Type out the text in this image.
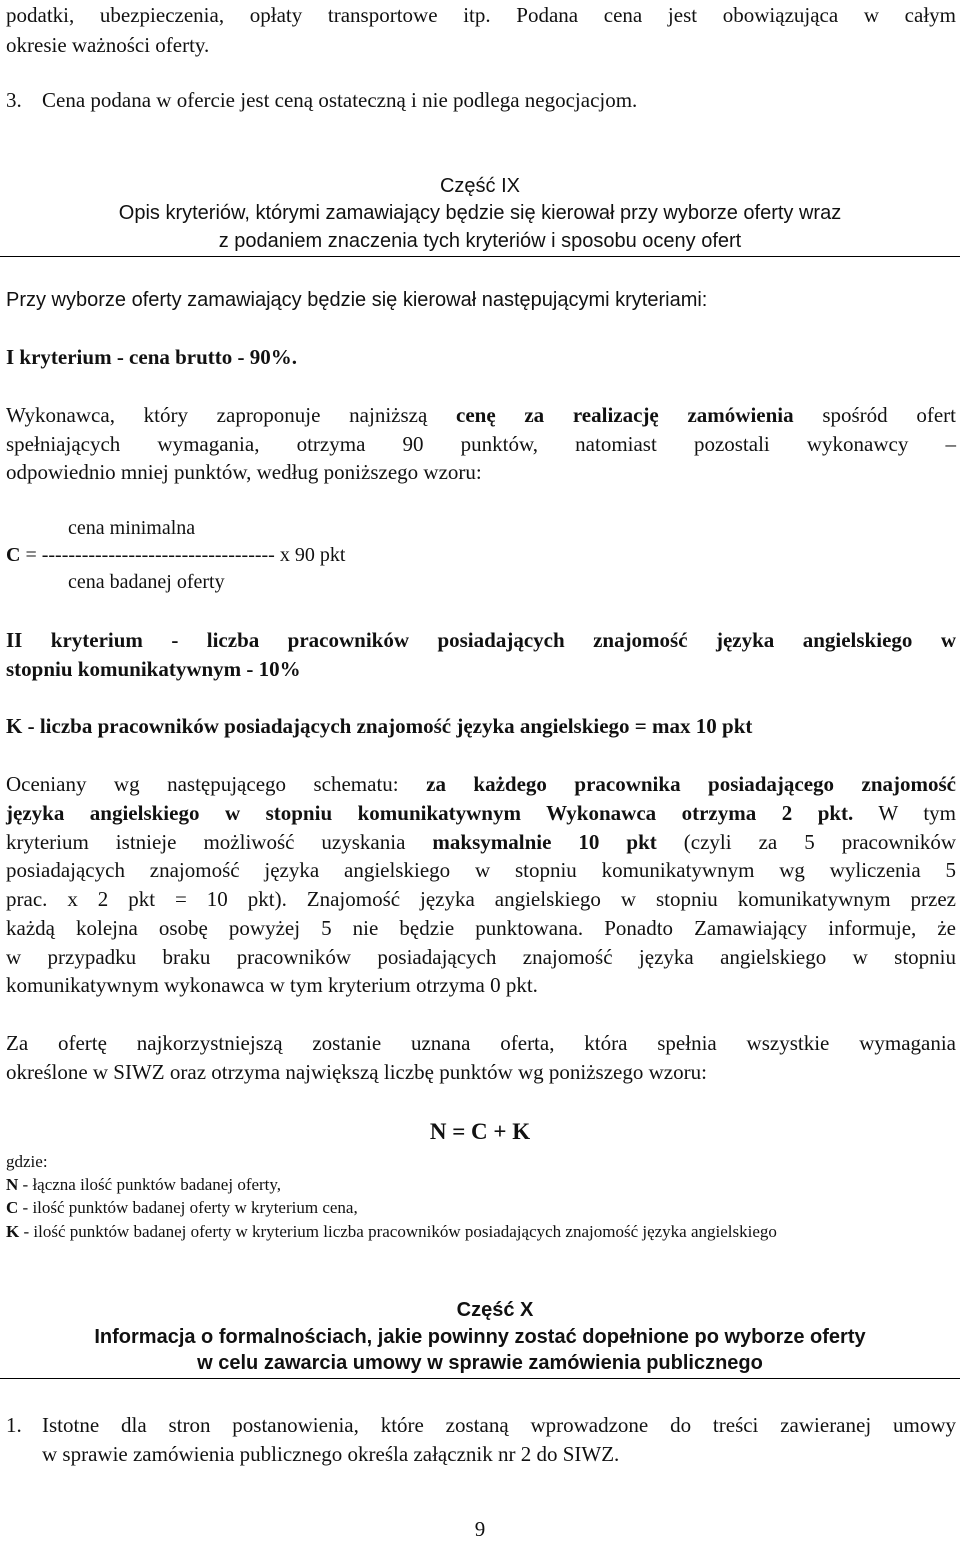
podatki, ubezpieczenia, opłaty transportowe itp. Podana cena jest obowiązująca w całym

okresie ważności oferty.

3. Cena podana w ofercie jest ceną ostateczną i nie podlega negocjacjom.

Część IX

Opis kryteriów, którymi zamawiający będzie się kierował przy wyborze oferty wraz

z podaniem znaczenia tych kryteriów i sposobu oceny ofert

Przy wyborze oferty zamawiający będzie się kierował następującymi kryteriami:

I kryterium - cena brutto - 90%.

Wykonawca, który zaproponuje najniższą cenę za realizację zamówienia spośród ofert

spełniających wymagania, otrzyma 90 punktów, natomiast pozostali wykonawcy –

odpowiednio mniej punktów, według poniższego wzoru:

cena minimalna

C = ----------------------------------- x 90 pkt

cena badanej oferty

II kryterium - liczba pracowników posiadających znajomość języka angielskiego w

stopniu komunikatywnym - 10%

K - liczba pracowników posiadających znajomość języka angielskiego = max 10 pkt

Oceniany wg następującego schematu: za każdego pracownika posiadającego znajomość

języka angielskiego w stopniu komunikatywnym Wykonawca otrzyma 2 pkt. W tym

kryterium istnieje możliwość uzyskania maksymalnie 10 pkt (czyli za 5 pracowników

posiadających znajomość języka angielskiego w stopniu komunikatywnym wg wyliczenia 5

prac. x 2 pkt = 10 pkt). Znajomość języka angielskiego w stopniu komunikatywnym przez

każdą kolejna osobę powyżej 5 nie będzie punktowana. Ponadto Zamawiający informuje, że

w przypadku braku pracowników posiadających znajomość języka angielskiego w stopniu

komunikatywnym wykonawca w tym kryterium otrzyma 0 pkt.

Za ofertę najkorzystniejszą zostanie uznana oferta, która spełnia wszystkie wymagania

określone w SIWZ oraz otrzyma największą liczbę punktów wg poniższego wzoru:

N = C + K

gdzie:

N - łączna ilość punktów badanej oferty,

C - ilość punktów badanej oferty w kryterium cena,

K - ilość punktów badanej oferty w kryterium liczba pracowników posiadających znajomość języka angielskiego

Część X

Informacja o formalnościach, jakie powinny zostać dopełnione po wyborze oferty

w celu zawarcia umowy w sprawie zamówienia publicznego

1. Istotne dla stron postanowienia, które zostaną wprowadzone do treści zawieranej umowy

w sprawie zamówienia publicznego określa załącznik nr 2 do SIWZ.

9
